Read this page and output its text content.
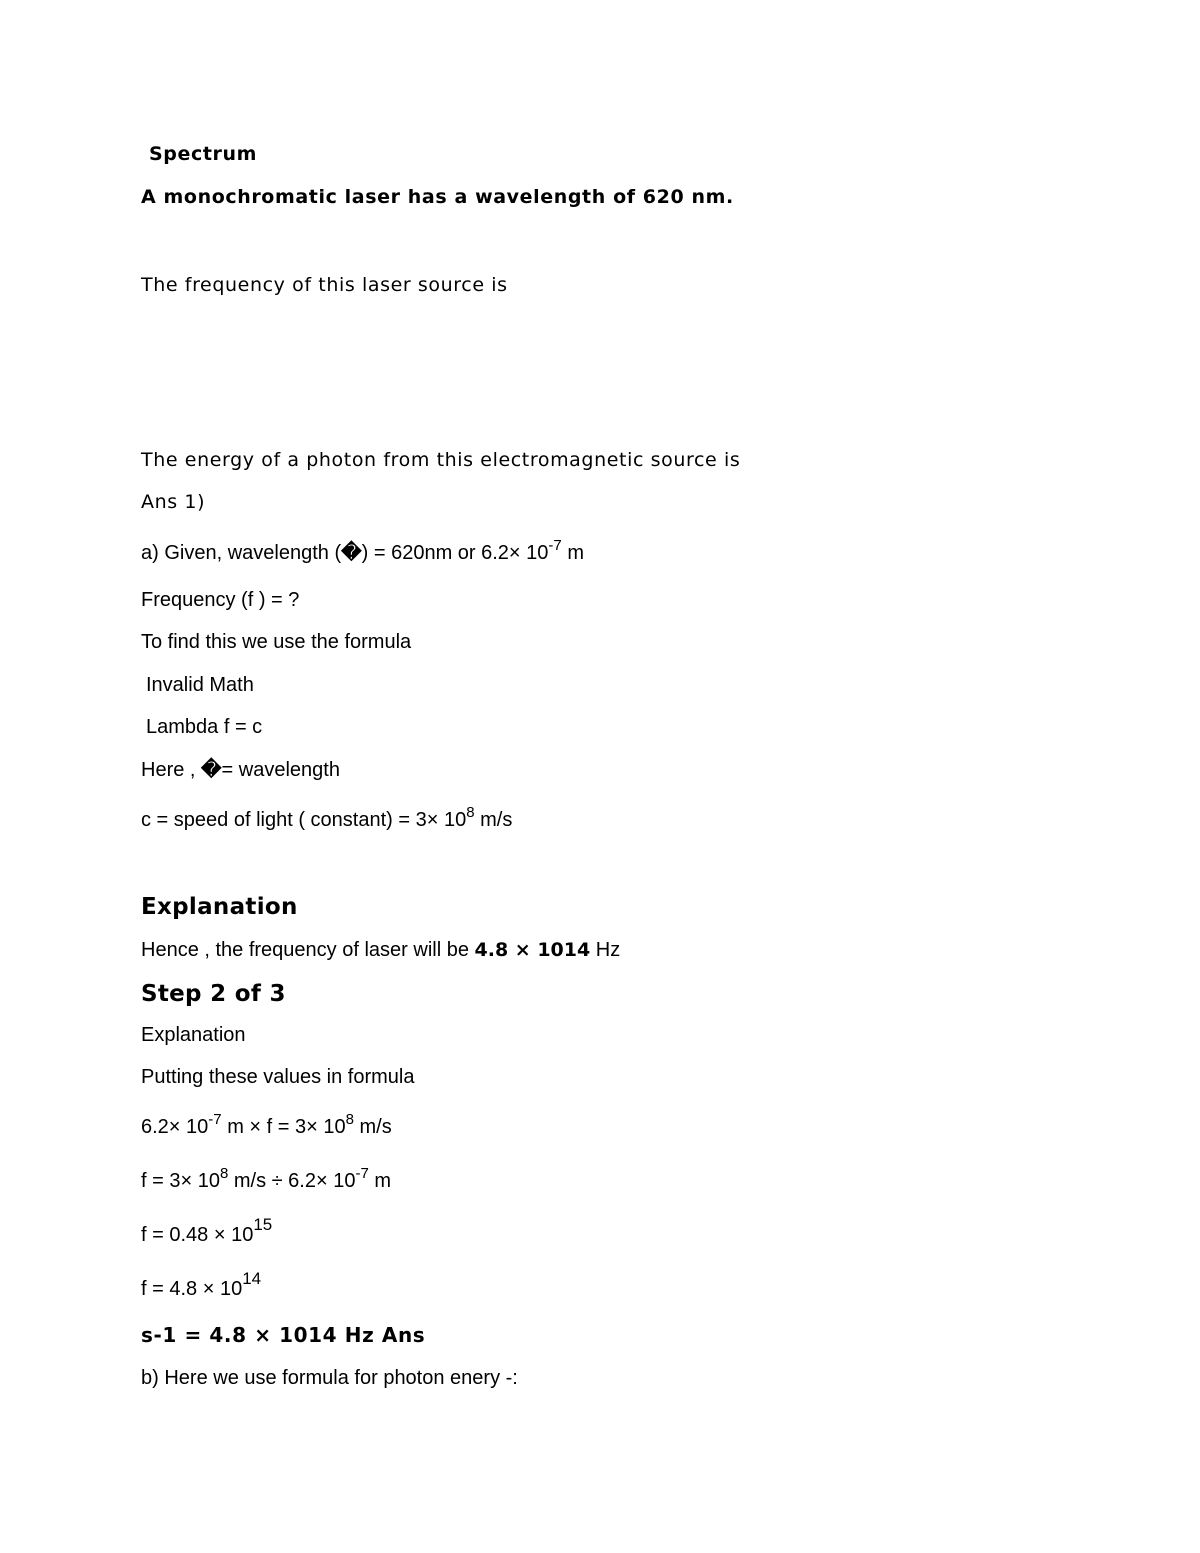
Spectrum
A monochromatic laser has a wavelength of 620 nm.
The frequency of this laser source is
The energy of a photon from this electromagnetic source is
Ans 1)
a) Given, wavelength (�) = 620nm or $6.2\times 10^{-7}$ m
Frequency (f ) = ?
To find this we use the formula
Invalid Math
Lambda f = c
Here , �= wavelength
c = speed of light ( constant) = $3\times 10^8$ m/s
Explanation
Hence , the frequency of laser will be 4.8 × 1014 Hz
Step 2 of 3
Explanation
Putting these values in formula
$6.2\times 10^{-7}$ $m \times f = 3\times 10^8$ m/s
$f = 3\times 10^8$ $m/s \div 6.2\times 10^{-7}$ m
$f = 0.48 \times 10^{15}$
$f = 4.8 \times 10^{14}$
s-1 = 4.8 × 1014 Hz Ans
b) Here we use formula for photon enery -:
